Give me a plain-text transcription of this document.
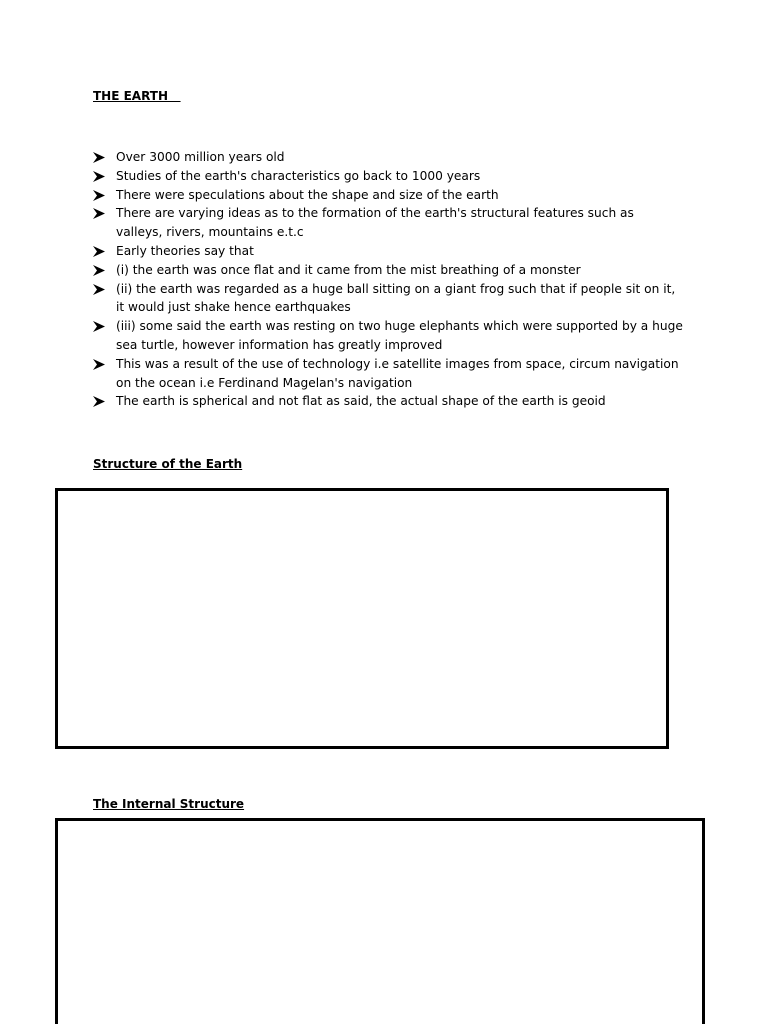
THE EARTH
Over 3000 million years old
Studies of the earth's characteristics go back to 1000 years
There were speculations about the shape and size of the earth
There are varying ideas as to the formation of the earth's structural features such as valleys, rivers, mountains e.t.c
Early theories say that
(i) the earth was once flat and it came from the mist breathing of a monster
(ii) the earth was regarded as a huge ball sitting on a giant frog such that if people sit on it, it would just shake hence earthquakes
(iii) some said the earth was resting on two huge elephants which were supported by a huge sea turtle, however information has greatly improved
This was a result of the use of technology i.e satellite images from space, circum navigation on the ocean i.e Ferdinand Magelan's navigation
The earth is spherical and not flat as said, the actual shape of the earth is geoid
Structure of the Earth
The Internal Structure
